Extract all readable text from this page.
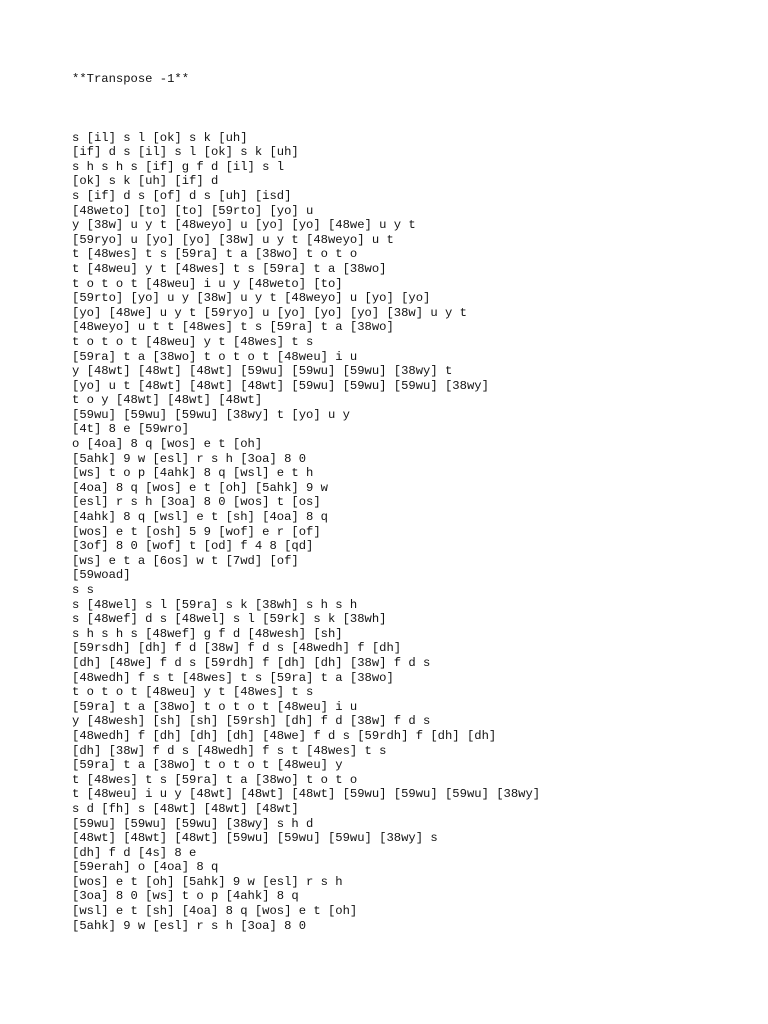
**Transpose -1**
s [il] s l [ok] s k [uh]
[if] d s [il] s l [ok] s k [uh]
s h s h s [if] g f d [il] s l
[ok] s k [uh] [if] d
s [if] d s [of] d s [uh] [isd]
[48weto] [to] [to] [59rto] [yo] u
y [38w] u y t [48weyo] u [yo] [yo] [48we] u y t
[59ryo] u [yo] [yo] [38w] u y t [48weyo] u t
t [48wes] t s [59ra] t a [38wo] t o t o
t [48weu] y t [48wes] t s [59ra] t a [38wo]
t o t o t [48weu] i u y [48weto] [to]
[59rto] [yo] u y [38w] u y t [48weyo] u [yo] [yo]
[yo] [48we] u y t [59ryo] u [yo] [yo] [yo] [38w] u y t
[48weyo] u t t [48wes] t s [59ra] t a [38wo]
t o t o t [48weu] y t [48wes] t s
[59ra] t a [38wo] t o t o t [48weu] i u
y [48wt] [48wt] [48wt] [59wu] [59wu] [59wu] [38wy] t
[yo] u t [48wt] [48wt] [48wt] [59wu] [59wu] [59wu] [38wy]
t o y [48wt] [48wt] [48wt]
[59wu] [59wu] [59wu] [38wy] t [yo] u y
[4t] 8 e [59wro]
o [4oa] 8 q [wos] e t [oh]
[5ahk] 9 w [esl] r s h [3oa] 8 0
[ws] t o p [4ahk] 8 q [wsl] e t h
[4oa] 8 q [wos] e t [oh] [5ahk] 9 w
[esl] r s h [3oa] 8 0 [wos] t [os]
[4ahk] 8 q [wsl] e t [sh] [4oa] 8 q
[wos] e t [osh] 5 9 [wof] e r [of]
[3of] 8 0 [wof] t [od] f 4 8 [qd]
[ws] e t a [6os] w t [7wd] [of]
[59woad]
s s
s [48wel] s l [59ra] s k [38wh] s h s h
s [48wef] d s [48wel] s l [59rk] s k [38wh]
s h s h s [48wef] g f d [48wesh] [sh]
[59rsdh] [dh] f d [38w] f d s [48wedh] f [dh]
[dh] [48we] f d s [59rdh] f [dh] [dh] [38w] f d s
[48wedh] f s t [48wes] t s [59ra] t a [38wo]
t o t o t [48weu] y t [48wes] t s
[59ra] t a [38wo] t o t o t [48weu] i u
y [48wesh] [sh] [sh] [59rsh] [dh] f d [38w] f d s
[48wedh] f [dh] [dh] [dh] [48we] f d s [59rdh] f [dh] [dh]
[dh] [38w] f d s [48wedh] f s t [48wes] t s
[59ra] t a [38wo] t o t o t [48weu] y
t [48wes] t s [59ra] t a [38wo] t o t o
t [48weu] i u y [48wt] [48wt] [48wt] [59wu] [59wu] [59wu] [38wy]
s d [fh] s [48wt] [48wt] [48wt]
[59wu] [59wu] [59wu] [38wy] s h d
[48wt] [48wt] [48wt] [59wu] [59wu] [59wu] [38wy] s
[dh] f d [4s] 8 e
[59erah] o [4oa] 8 q
[wos] e t [oh] [5ahk] 9 w [esl] r s h
[3oa] 8 0 [ws] t o p [4ahk] 8 q
[wsl] e t [sh] [4oa] 8 q [wos] e t [oh]
[5ahk] 9 w [esl] r s h [3oa] 8 0
